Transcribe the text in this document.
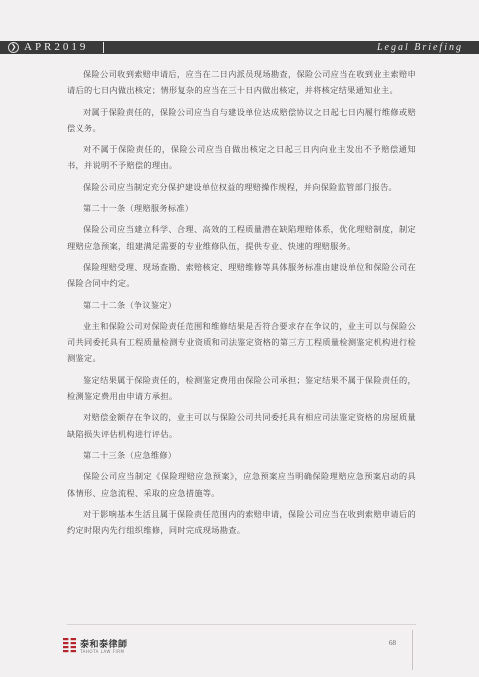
❯ APR2019	Legal Briefing

保险公司收到索赔申请后，应当在二日内派员现场勘查，保险公司应当在收到业主索赔申请后的七日内做出核定；情形复杂的应当在三十日内做出核定，并将核定结果通知业主。

对属于保险责任的，保险公司应当自与建设单位达成赔偿协议之日起七日内履行维修或赔偿义务。

对不属于保险责任的，保险公司应当自做出核定之日起三日内向业主发出不予赔偿通知书，并说明不予赔偿的理由。

保险公司应当制定充分保护建设单位权益的理赔操作规程，并向保险监管部门报告。

第二十一条（理赔服务标准）

保险公司应当建立科学、合理、高效的工程质量潜在缺陷理赔体系，优化理赔制度，制定理赔应急预案，组建满足需要的专业维修队伍，提供专业、快速的理赔服务。

保险理赔受理、现场查勘、索赔核定、理赔维修等具体服务标准由建设单位和保险公司在保险合同中约定。

第二十二条（争议鉴定）

业主和保险公司对保险责任范围和维修结果是否符合要求存在争议的，业主可以与保险公司共同委托具有工程质量检测专业资质和司法鉴定资格的第三方工程质量检测鉴定机构进行检测鉴定。

鉴定结果属于保险责任的，检测鉴定费用由保险公司承担；鉴定结果不属于保险责任的，检测鉴定费用由申请方承担。

对赔偿金额存在争议的，业主可以与保险公司共同委托具有相应司法鉴定资格的房屋质量缺陷损失评估机构进行评估。

第二十三条（应急维修）

保险公司应当制定《保险理赔应急预案》，应急预案应当明确保险理赔应急预案启动的具体情形、应急流程、采取的应急措施等。

对于影响基本生活且属于保险责任范围内的索赔申请，保险公司应当在收到索赔申请后的约定时限内先行组织维修，同时完成现场勘查。

泰和泰律師
TAHOTA LAW FIRM
68
